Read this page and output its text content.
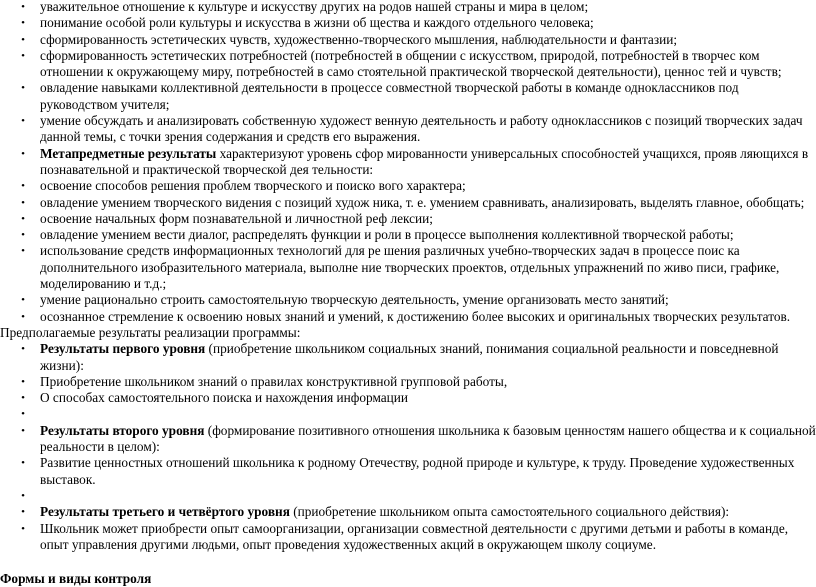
•
уважительное отношение к культуре и искусству других на родов нашей страны и мира в целом;
•
понимание особой роли культуры и искусства в жизни об щества и каждого отдельного человека;
•
сформированность эстетических чувств, художественно-творческого мышления, наблюдательности и фантазии;
•
сформированность эстетических потребностей (потребностей в общении с искусством, природой, потребностей в творчес ком отношении к окружающему миру, потребностей в само стоятельной практической творческой деятельности), ценнос тей и чувств;
•
овладение навыками коллективной деятельности в процессе совместной творческой работы в команде одноклассников под руководством учителя;
•
умение обсуждать и анализировать собственную художест венную деятельность и работу одноклассников с позиций творческих задач данной темы, с точки зрения содержания и средств его выражения.
•
Метапредметные результаты характеризуют уровень сфор мированности универсальных способностей учащихся, прояв ляющихся в познавательной и практической творческой дея тельности:
•
освоение способов решения проблем творческого и поиско вого характера;
•
овладение умением творческого видения с позиций худож ника, т. е. умением сравнивать, анализировать, выделять главное, обобщать;
•
освоение начальных форм познавательной и личностной реф лексии;
•
овладение умением вести диалог, распределять функции и роли в процессе выполнения коллективной творческой работы;
•
использование средств информационных технологий для ре шения различных учебно-творческих задач в процессе поис ка дополнительного изобразительного материала, выполне ние творческих проектов, отдельных упражнений по живо писи, графике, моделированию и т.д.;
•
умение рационально строить самостоятельную творческую деятельность, умение организовать место занятий;
•
осознанное стремление к освоению новых знаний и умений, к достижению более высоких и оригинальных творческих результатов.
Предполагаемые результаты реализации программы:
•
Результаты первого уровня (приобретение школьником социальных знаний, понимания социальной реальности и повседневной жизни):
•
Приобретение школьником знаний о правилах конструктивной групповой работы,
•
О способах самостоятельного поиска и нахождения информации
•
•
Результаты второго уровня (формирование позитивного отношения школьника к базовым ценностям нашего общества и к социальной реальности в целом):
•
Развитие ценностных отношений школьника к родному Отечеству, родной природе и культуре, к труду. Проведение художественных выставок.
•
•
Результаты третьего и четвёртого уровня (приобретение школьником опыта самостоятельного социального действия):
•
Школьник может приобрести опыт самоорганизации, организации совместной деятельности с другими детьми и работы в команде, опыт управления другими людьми, опыт проведения художественных акций в окружающем школу социуме.
Формы и виды контроля
